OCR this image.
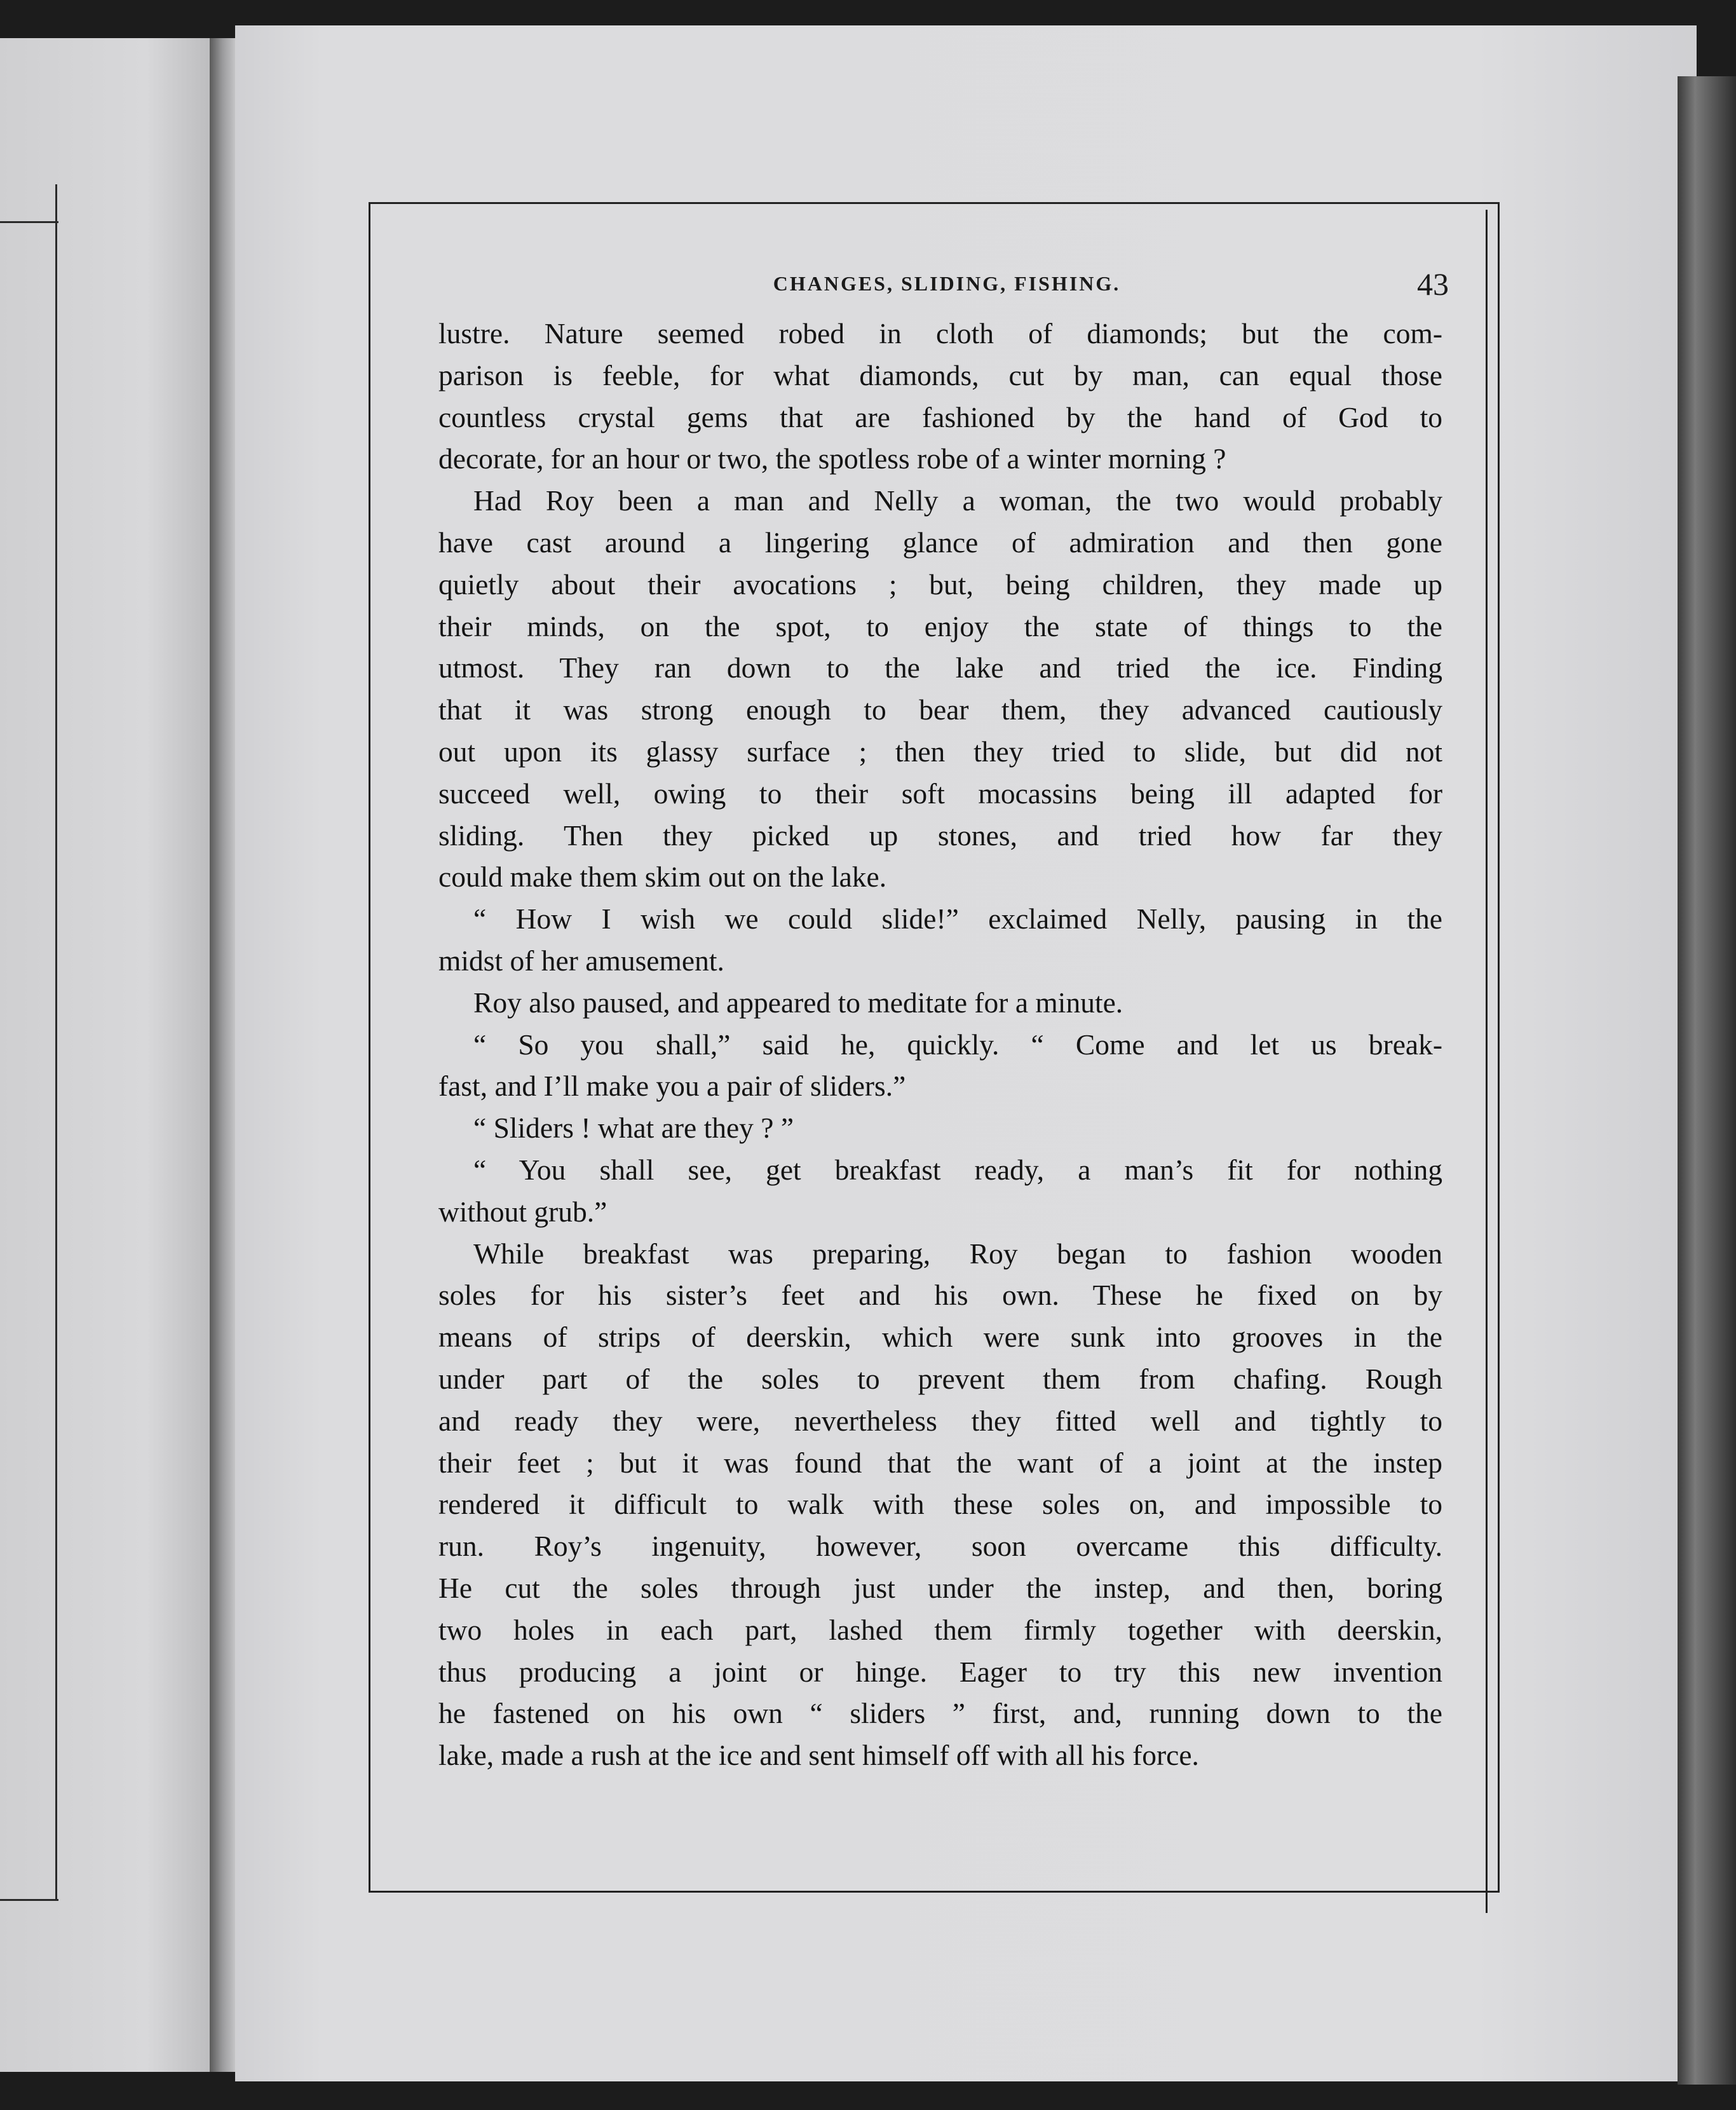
CHANGES, SLIDING, FISHING.	43
lustre. Nature seemed robed in cloth of diamonds; but the com-
parison is feeble, for what diamonds, cut by man, can equal those
countless crystal gems that are fashioned by the hand of God to
decorate, for an hour or two, the spotless robe of a winter morning ?
Had Roy been a man and Nelly a woman, the two would probably
have cast around a lingering glance of admiration and then gone
quietly about their avocations ; but, being children, they made up
their minds, on the spot, to enjoy the state of things to the
utmost. They ran down to the lake and tried the ice. Finding
that it was strong enough to bear them, they advanced cautiously
out upon its glassy surface ; then they tried to slide, but did not
succeed well, owing to their soft mocassins being ill adapted for
sliding. Then they picked up stones, and tried how far they
could make them skim out on the lake.
“ How I wish we could slide!” exclaimed Nelly, pausing in the
midst of her amusement.
Roy also paused, and appeared to meditate for a minute.
“ So you shall,” said he, quickly. “ Come and let us break-
fast, and I’ll make you a pair of sliders.”
“ Sliders ! what are they ? ”
“ You shall see, get breakfast ready, a man’s fit for nothing
without grub.”
While breakfast was preparing, Roy began to fashion wooden
soles for his sister’s feet and his own. These he fixed on by
means of strips of deerskin, which were sunk into grooves in the
under part of the soles to prevent them from chafing. Rough
and ready they were, nevertheless they fitted well and tightly to
their feet ; but it was found that the want of a joint at the instep
rendered it difficult to walk with these soles on, and impossible to
run. Roy’s ingenuity, however, soon overcame this difficulty.
He cut the soles through just under the instep, and then, boring
two holes in each part, lashed them firmly together with deerskin,
thus producing a joint or hinge. Eager to try this new invention
he fastened on his own “ sliders ” first, and, running down to the
lake, made a rush at the ice and sent himself off with all his force.
